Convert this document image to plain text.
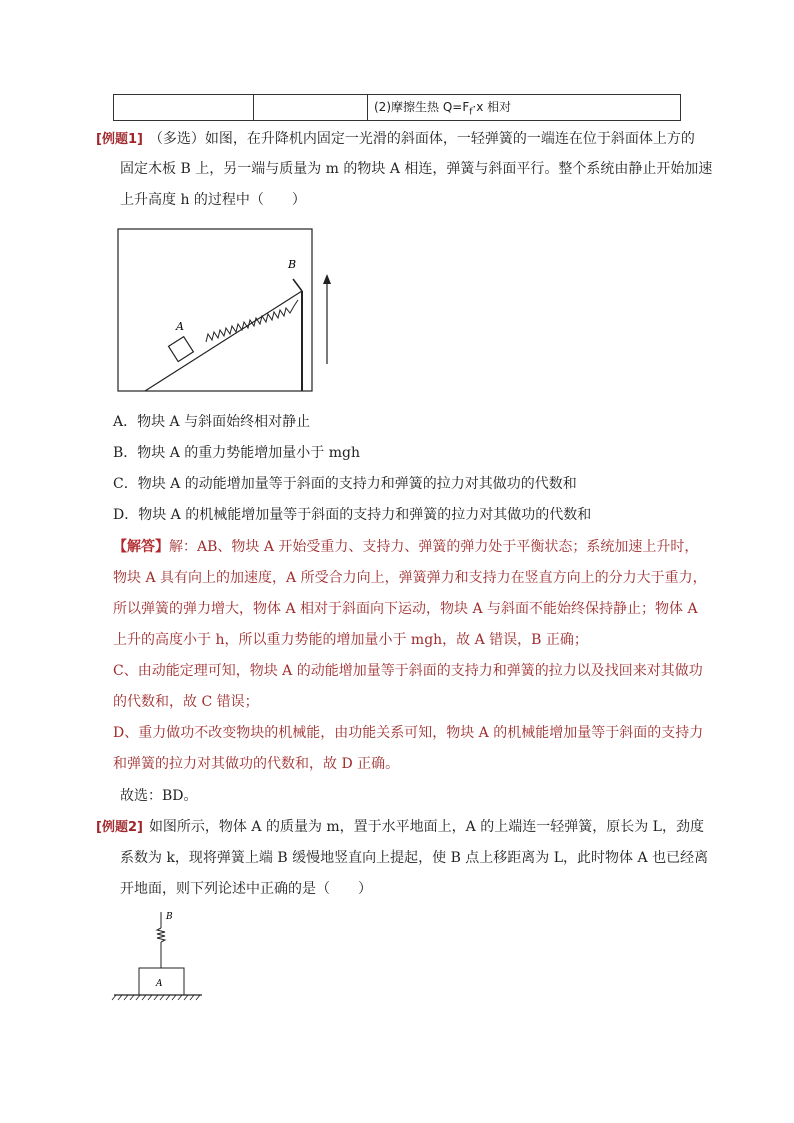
(2)摩擦生热 $Q=F_f\cdot x$ 相对
[例题1] （多选）如图，在升降机内固定一光滑的斜面体，一轻弹簧的一端连在位于斜面体上方的
固定木板 B 上，另一端与质量为 m 的物块 A 相连，弹簧与斜面平行。整个系统由静止开始加速
上升高度 h 的过程中（　　）
A
B
A．物块 A 与斜面始终相对静止
B．物块 A 的重力势能增加量小于 mgh
C．物块 A 的动能增加量等于斜面的支持力和弹簧的拉力对其做功的代数和
D．物块 A 的机械能增加量等于斜面的支持力和弹簧的拉力对其做功的代数和
【解答】解：AB、物块 A 开始受重力、支持力、弹簧的弹力处于平衡状态；系统加速上升时，
物块 A 具有向上的加速度，A 所受合力向上，弹簧弹力和支持力在竖直方向上的分力大于重力，
所以弹簧的弹力增大，物体 A 相对于斜面向下运动，物块 A 与斜面不能始终保持静止；物体 A
上升的高度小于 h，所以重力势能的增加量小于 mgh，故 A 错误，B 正确；
C、由动能定理可知，物块 A 的动能增加量等于斜面的支持力和弹簧的拉力以及找回来对其做功
的代数和，故 C 错误；
D、重力做功不改变物块的机械能，由功能关系可知，物块 A 的机械能增加量等于斜面的支持力
和弹簧的拉力对其做功的代数和，故 D 正确。
故选：BD。
[例题2] 如图所示，物体 A 的质量为 m，置于水平地面上，A 的上端连一轻弹簧，原长为 L，劲度
系数为 k，现将弹簧上端 B 缓慢地竖直向上提起，使 B 点上移距离为 L，此时物体 A 也已经离
开地面，则下列论述中正确的是（　　）
B
A
